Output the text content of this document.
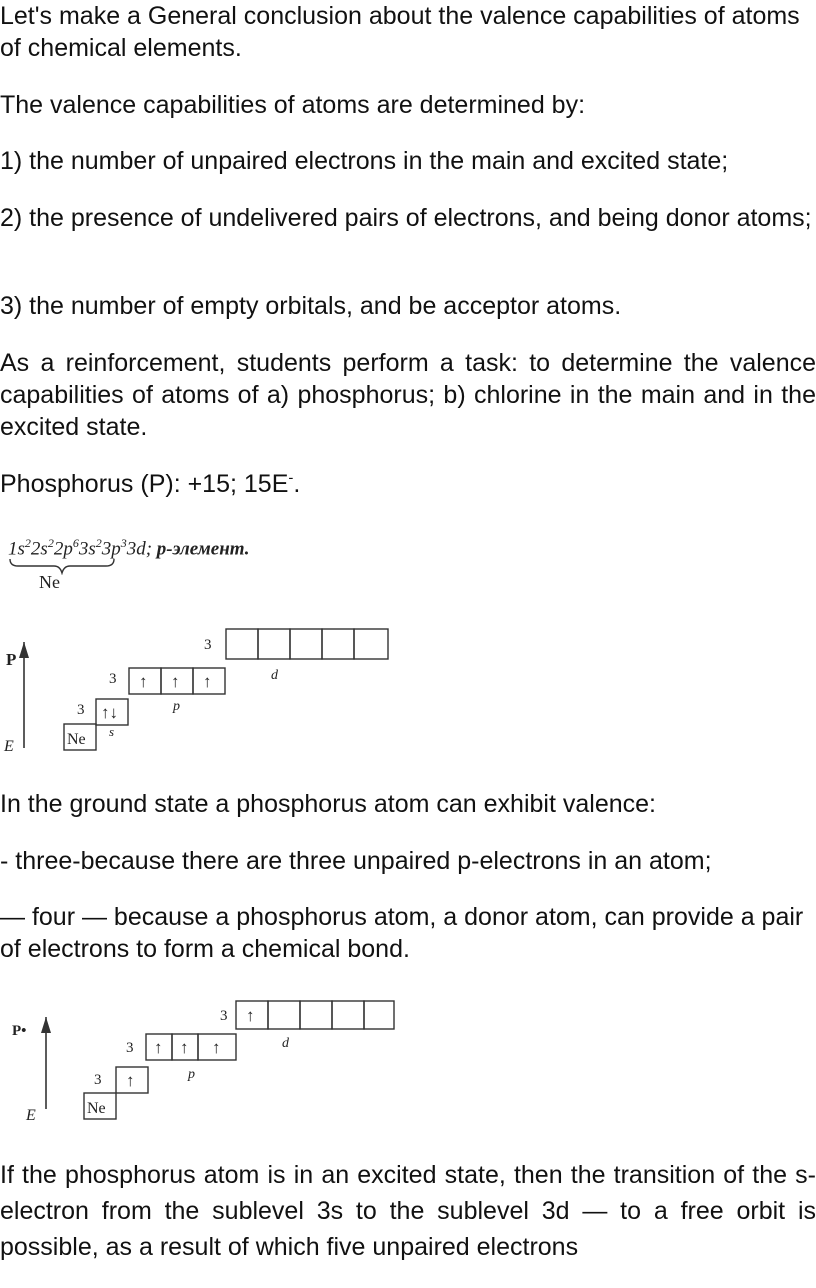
Let's make a General conclusion about the valence capabilities of atoms of chemical elements.

The valence capabilities of atoms are determined by:

1) the number of unpaired electrons in the main and excited state;

2) the presence of undelivered pairs of electrons, and being donor atoms;

3) the number of empty orbitals, and be acceptor atoms.

As a reinforcement, students perform a task: to determine the valence capabilities of atoms of a) phosphorus; b) chlorine in the main and in the excited state.

Phosphorus (P): +15; 15E-.

$1s^22s^22p^63s^23p^33d$; p-элемент.
Ne
P
E	Ne
3 ↑↓
s
3 ↑ ↑ ↑
p
3
d

In the ground state a phosphorus atom can exhibit valence:

- three-because there are three unpaired p-electrons in an atom;

— four — because a phosphorus atom, a donor atom, can provide a pair of electrons to form a chemical bond.

P•
E	Ne
3 ↑
3 ↑ ↑ ↑
p
3 ↑
d

If the phosphorus atom is in an excited state, then the transition of the s-electron from the sublevel 3s to the sublevel 3d — to a free orbit is possible, as a result of which five unpaired electrons
